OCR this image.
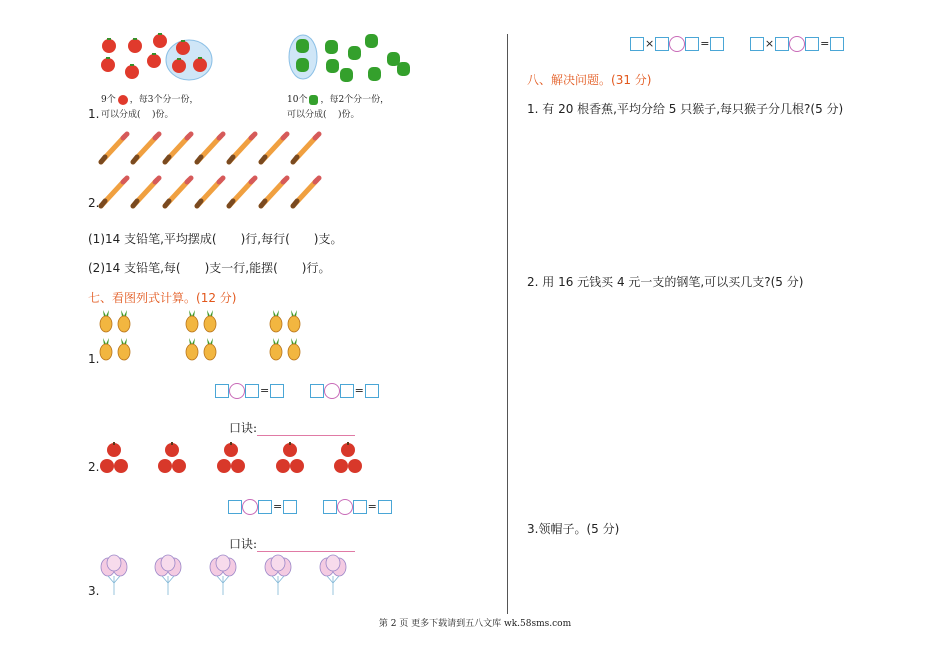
9个 ，每3个分一份，
1. 可以分成( )份。
10个 ，每2个分一份，
可以分成( )份。
2.
(1)14 支铅笔,平均摆成(　　)行,每行(　　)支。
(2)14 支铅笔,每(　　)支一行,能摆(　　)行。
七、看图列式计算。(12 分)
1.
=	=
口诀:
2.
=	=
口诀:
3.
×	=	×	=
八、解决问题。(31 分)
1. 有 20 根香蕉,平均分给 5 只猴子,每只猴子分几根?(5 分)
2. 用 16 元钱买 4 元一支的钢笔,可以买几支?(5 分)
3.领帽子。(5 分)
第 2 页 更多下载请到五八文库 wk.58sms.com
